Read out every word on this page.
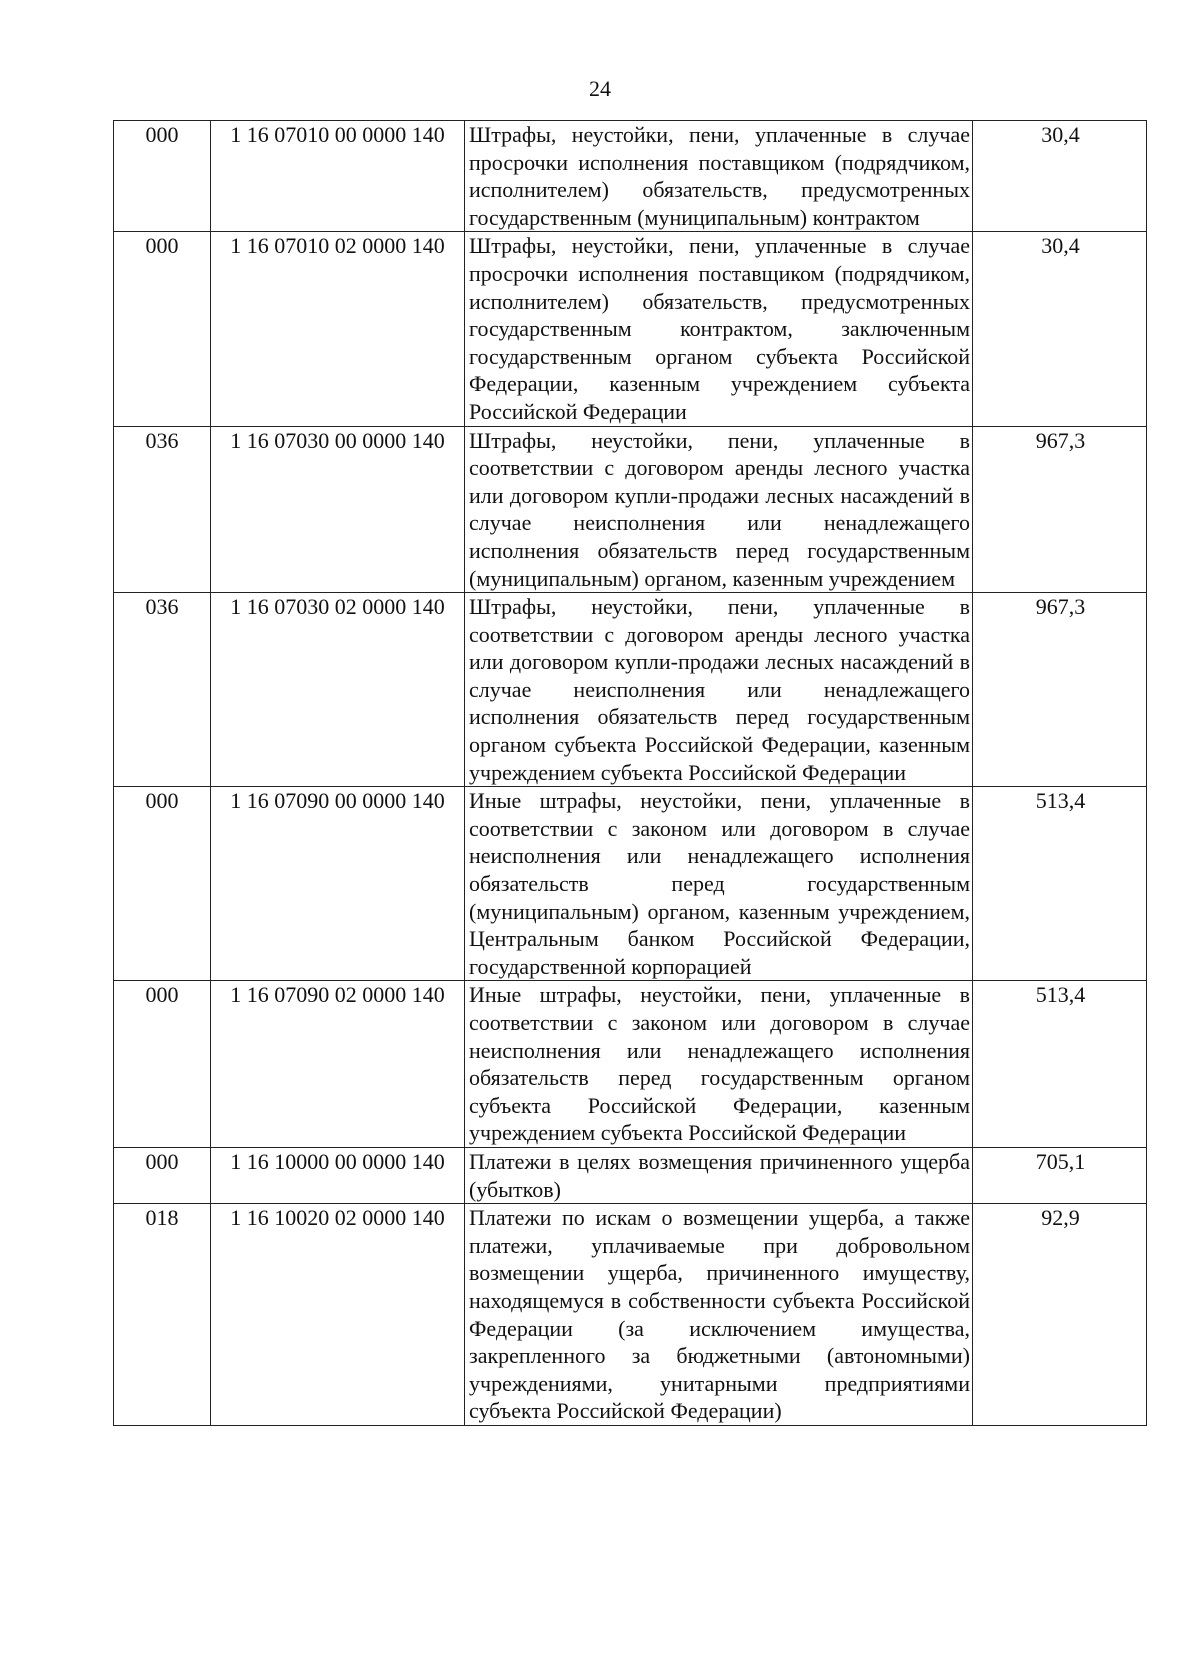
24
000	1 16 07010 00 0000 140	Штрафы, неустойки, пени, уплаченные в случае просрочки исполнения поставщиком (подрядчиком, исполнителем) обязательств, предусмотренных государственным (муниципальным) контрактом	30,4
000	1 16 07010 02 0000 140	Штрафы, неустойки, пени, уплаченные в случае просрочки исполнения поставщиком (подрядчиком, исполнителем) обязательств, предусмотренных государственным контрактом, заключенным государственным органом субъекта Российской Федерации, казенным учреждением субъекта Российской Федерации	30,4
036	1 16 07030 00 0000 140	Штрафы, неустойки, пени, уплаченные в соответствии с договором аренды лесного участка или договором купли-продажи лесных насаждений в случае неисполнения или ненадлежащего исполнения обязательств перед государственным (муниципальным) органом, казенным учреждением	967,3
036	1 16 07030 02 0000 140	Штрафы, неустойки, пени, уплаченные в соответствии с договором аренды лесного участка или договором купли-продажи лесных насаждений в случае неисполнения или ненадлежащего исполнения обязательств перед государственным органом субъекта Российской Федерации, казенным учреждением субъекта Российской Федерации	967,3
000	1 16 07090 00 0000 140	Иные штрафы, неустойки, пени, уплаченные в соответствии с законом или договором в случае неисполнения или ненадлежащего исполнения обязательств перед государственным (муниципальным) органом, казенным учреждением, Центральным банком Российской Федерации, государственной корпорацией	513,4
000	1 16 07090 02 0000 140	Иные штрафы, неустойки, пени, уплаченные в соответствии с законом или договором в случае неисполнения или ненадлежащего исполнения обязательств перед государственным органом субъекта Российской Федерации, казенным учреждением субъекта Российской Федерации	513,4
000	1 16 10000 00 0000 140	Платежи в целях возмещения причиненного ущерба (убытков)	705,1
018	1 16 10020 02 0000 140	Платежи по искам о возмещении ущерба, а также платежи, уплачиваемые при добровольном возмещении ущерба, причиненного имуществу, находящемуся в собственности субъекта Российской Федерации (за исключением имущества, закрепленного за бюджетными (автономными) учреждениями, унитарными предприятиями субъекта Российской Федерации)	92,9
